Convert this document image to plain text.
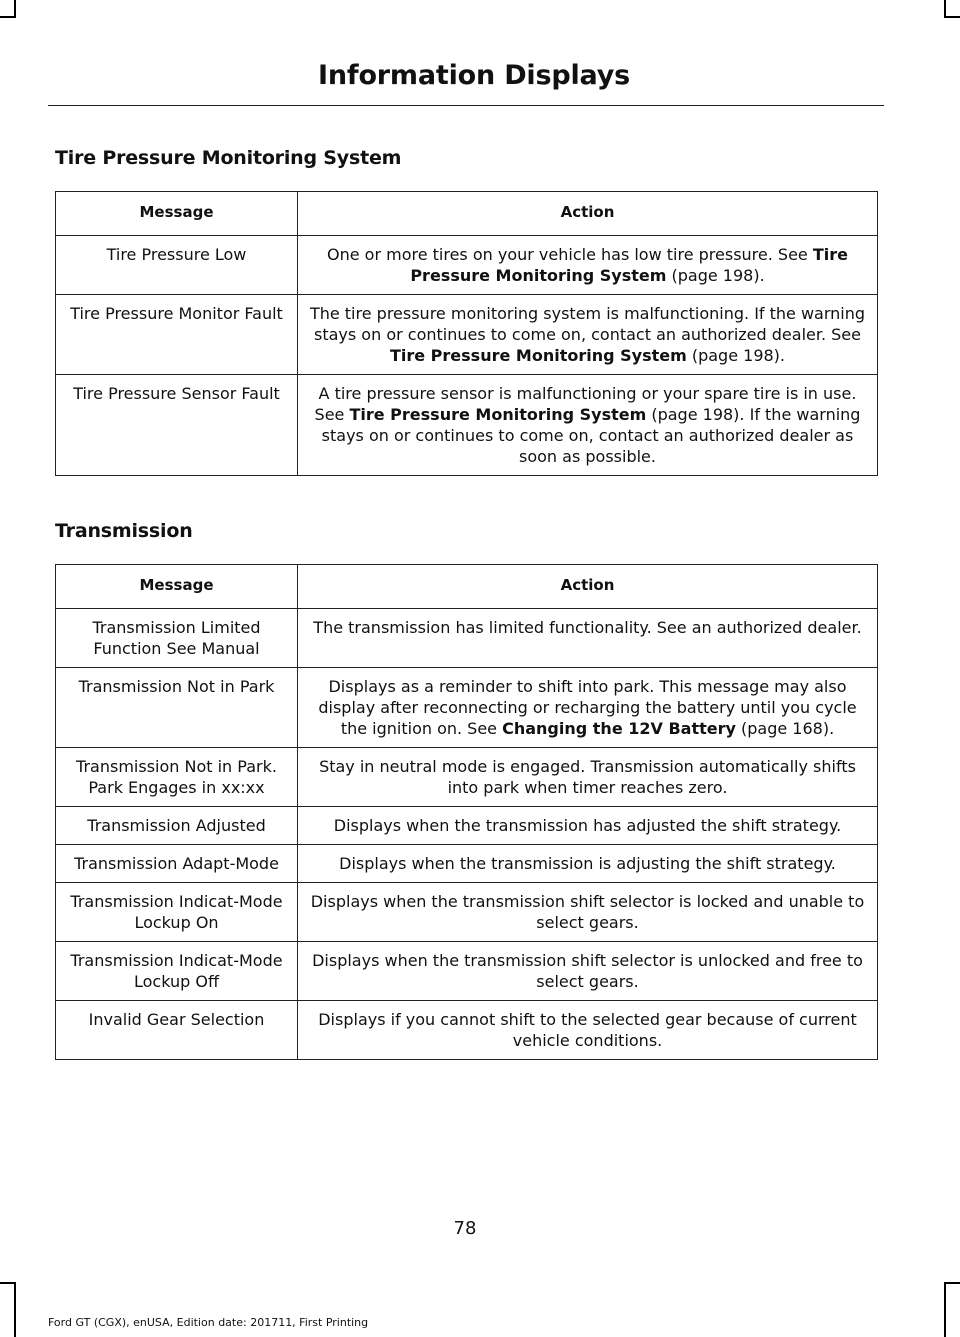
Information Displays
Tire Pressure Monitoring System
Message	Action
Tire Pressure Low	One or more tires on your vehicle has low tire pressure. See Tire Pressure Monitoring System (page 198).
Tire Pressure Monitor Fault	The tire pressure monitoring system is malfunctioning. If the warning stays on or continues to come on, contact an authorized dealer. See Tire Pressure Monitoring System (page 198).
Tire Pressure Sensor Fault	A tire pressure sensor is malfunctioning or your spare tire is in use. See Tire Pressure Monitoring System (page 198). If the warning stays on or continues to come on, contact an authorized dealer as soon as possible.
Transmission
Message	Action
Transmission Limited Function See Manual	The transmission has limited functionality. See an authorized dealer.
Transmission Not in Park	Displays as a reminder to shift into park. This message may also display after reconnecting or recharging the battery until you cycle the ignition on. See Changing the 12V Battery (page 168).
Transmission Not in Park. Park Engages in xx:xx	Stay in neutral mode is engaged. Transmission automatically shifts into park when timer reaches zero.
Transmission Adjusted	Displays when the transmission has adjusted the shift strategy.
Transmission Adapt-Mode	Displays when the transmission is adjusting the shift strategy.
Transmission Indicat-Mode Lockup On	Displays when the transmission shift selector is locked and unable to select gears.
Transmission Indicat-Mode Lockup Off	Displays when the transmission shift selector is unlocked and free to select gears.
Invalid Gear Selection	Displays if you cannot shift to the selected gear because of current vehicle conditions.
78
Ford GT (CGX), enUSA, Edition date: 201711, First Printing
